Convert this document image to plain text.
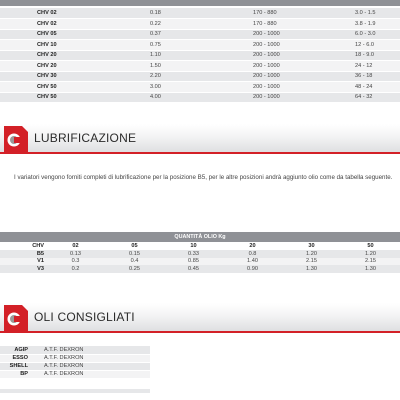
CHV 02	0.18	170 - 880	3.0 - 1.5
CHV 02	0.22	170 - 880	3.8 - 1.9
CHV 05	0.37	200 - 1000	6.0 - 3.0
CHV 10	0.75	200 - 1000	12 - 6.0
CHV 20	1.10	200 - 1000	18 - 9.0
CHV 20	1.50	200 - 1000	24 - 12
CHV 30	2.20	200 - 1000	36 - 18
CHV 50	3.00	200 - 1000	48 - 24
CHV 50	4.00	200 - 1000	64 - 32
LUBRIFICAZIONE
I variatori vengono forniti completi di lubrificazione per la posizione B5, per le altre posizioni andrà aggiunto olio come da tabella seguente.
QUANTITÀ OLIO Kg
CHV	02	05	10	20	30	50
B5	0.13	0.15	0.33	0.8	1.20	1.20
V1	0.3	0.4	0.85	1.40	2.15	2.15
V3	0.2	0.25	0.45	0.90	1.30	1.30
OLI CONSIGLIATI
AGIP	A.T.F. DEXRON
ESSO	A.T.F. DEXRON
SHELL	A.T.F. DEXRON
BP	A.T.F. DEXRON
